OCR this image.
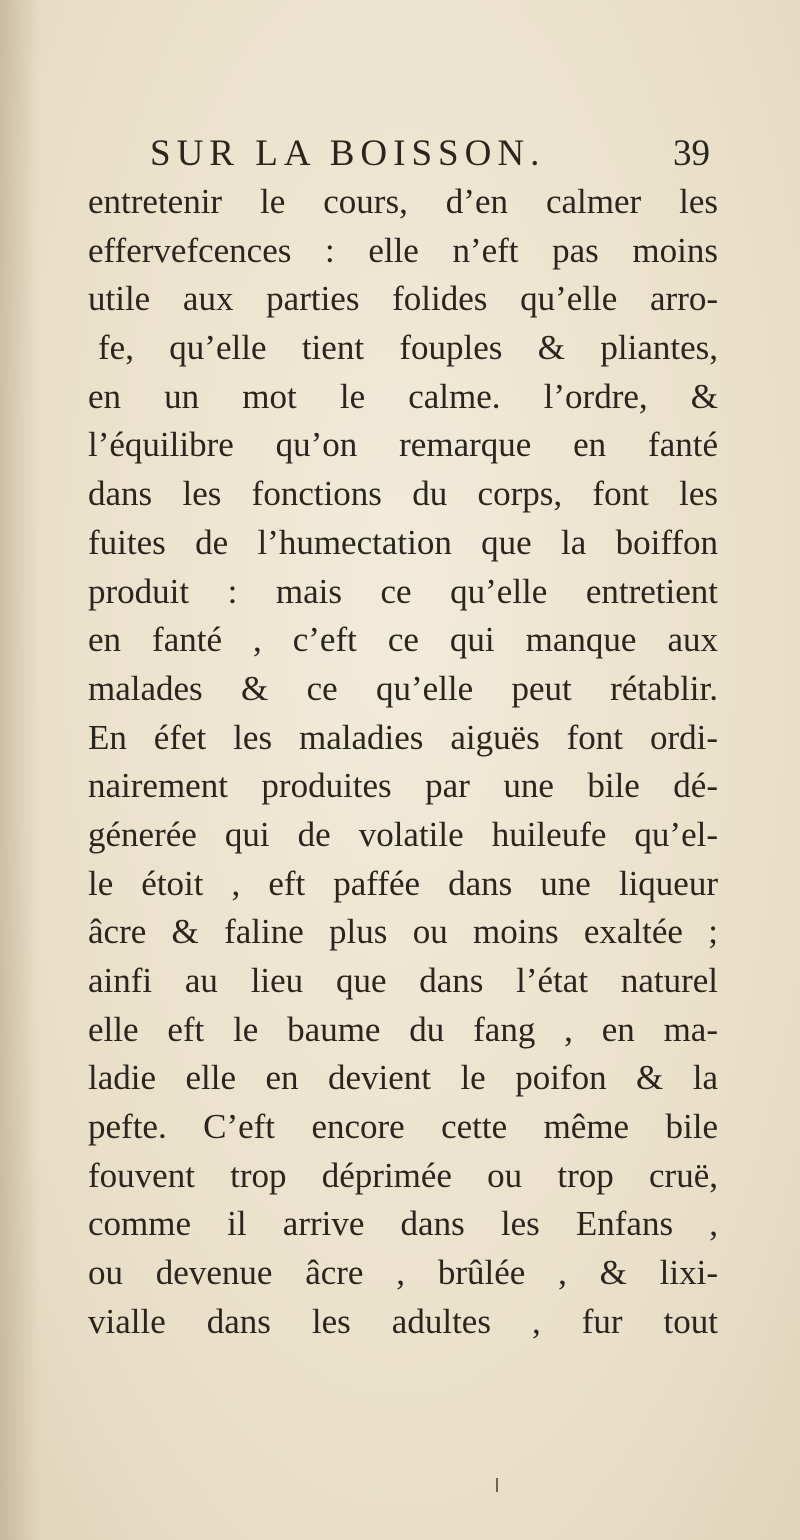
SUR LA BOISSON.	39
entretenir le cours, d’en calmer les
effervefcences : elle n’eft pas moins
utile aux parties folides qu’elle arro-
fe, qu’elle tient fouples & pliantes,
en un mot le calme. l’ordre, &
l’équilibre qu’on remarque en fanté
dans les fonctions du corps, font les
fuites de l’humectation que la boiffon
produit : mais ce qu’elle entretient
en fanté , c’eft ce qui manque aux
malades & ce qu’elle peut rétablir.
En éfet les maladies aiguës font ordi-
nairement produites par une bile dé-
génerée qui de volatile huileufe qu’el-
le étoit , eft paffée dans une liqueur
âcre & faline plus ou moins exaltée ;
ainfi au lieu que dans l’état naturel
elle eft le baume du fang , en ma-
ladie elle en devient le poifon & la
pefte. C’eft encore cette même bile
fouvent trop déprimée ou trop cruë,
comme il arrive dans les Enfans ,
ou devenue âcre , brûlée , & lixi-
vialle dans les adultes , fur tout
